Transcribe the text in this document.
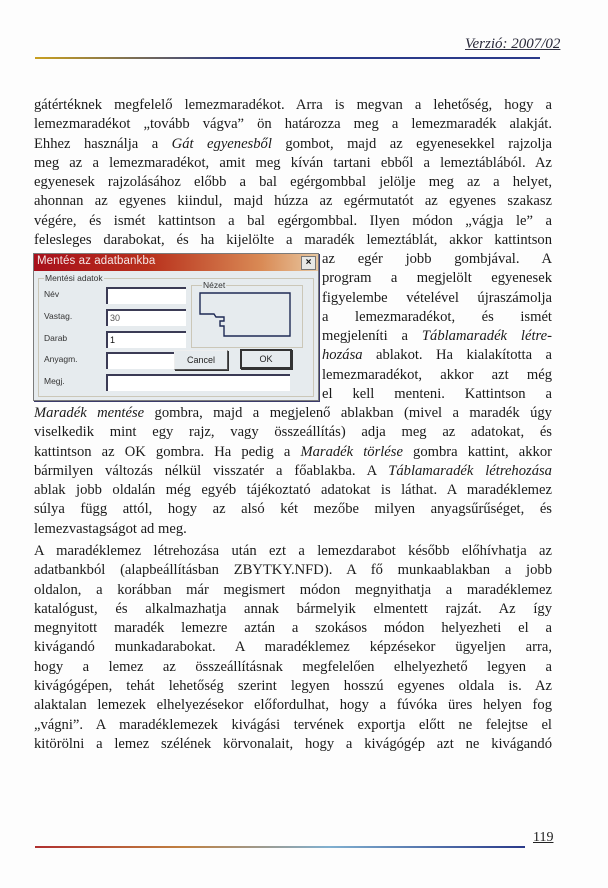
Verzió: 2007/02
gátértéknek megfelelő lemezmaradékot. Arra is megvan a lehetőség, hogy a
lemezmaradékot „tovább vágva” ön határozza meg a lemezmaradék alakját.
Ehhez használja a Gát egyenesből gombot, majd az egyenesekkel rajzolja
meg az a lemezmaradékot, amit meg kíván tartani ebből a lemeztáblából. Az
egyenesek rajzolásához előbb a bal egérgombbal jelölje meg az a helyet,
ahonnan az egyenes kiindul, majd húzza az egérmutatót az egyenes szakasz
végére, és ismét kattintson a bal egérgombbal. Ilyen módon „vágja le” a
felesleges darabokat, és ha kijelölte a maradék lemeztáblát, akkor kattintson
az egér jobb gombjával. A
program a megjelölt egyenesek
figyelembe vételével újraszámolja
a lemezmaradékot, és ismét
megjeleníti a Táblamaradék létre-
hozása ablakot. Ha kialakította a
lemezmaradékot, akkor azt még
el kell menteni. Kattintson a
Mentés az adatbankba	×
Mentési adatok
Név
Vastag.	30
Darab	1
Anyagm.
Megj.
Nézet
Cancel	OK
Maradék mentése gombra, majd a megjelenő ablakban (mivel a maradék úgy
viselkedik mint egy rajz, vagy összeállítás) adja meg az adatokat, és
kattintson az OK gombra. Ha pedig a Maradék törlése gombra kattint, akkor
bármilyen változás nélkül visszatér a főablakba. A Táblamaradék létrehozása
ablak jobb oldalán még egyéb tájékoztató adatokat is láthat. A maradéklemez
súlya függ attól, hogy az alsó két mezőbe milyen anyagsűrűséget, és
lemezvastagságot ad meg.
A maradéklemez létrehozása után ezt a lemezdarabot később előhívhatja az
adatbankból (alapbeállításban ZBYTKY.NFD). A fő munkaablakban a jobb
oldalon, a korábban már megismert módon megnyithatja a maradéklemez
katalógust, és alkalmazhatja annak bármelyik elmentett rajzát. Az így
megnyitott maradék lemezre aztán a szokásos módon helyezheti el a
kivágandó munkadarabokat. A maradéklemez képzésekor ügyeljen arra,
hogy a lemez az összeállításnak megfelelően elhelyezhető legyen a
kivágógépen, tehát lehetőség szerint legyen hosszú egyenes oldala is. Az
alaktalan lemezek elhelyezésekor előfordulhat, hogy a fúvóka üres helyen fog
„vágni”. A maradéklemezek kivágási tervének exportja előtt ne felejtse el
kitörölni a lemez szélének körvonalait, hogy a kivágógép azt ne kivágandó
119
